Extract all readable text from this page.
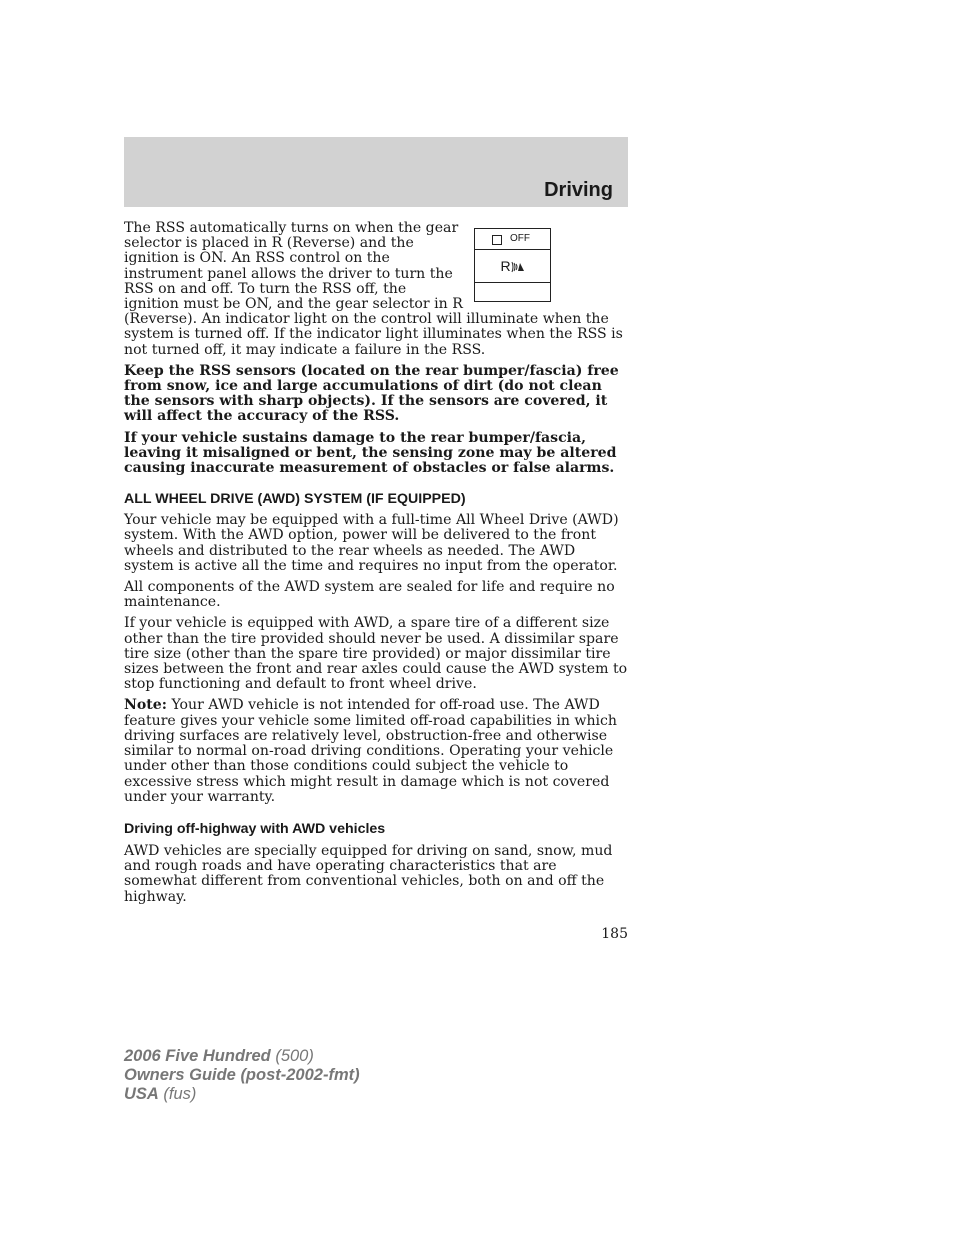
Driving
OFF
R

The RSS automatically turns on when the gear selector is placed in R (Reverse) and the ignition is ON. An RSS control on the instrument panel allows the driver to turn the RSS on and off. To turn the RSS off, the ignition must be ON, and the gear selector in R (Reverse). An indicator light on the control will illuminate when the system is turned off. If the indicator light illuminates when the RSS is not turned off, it may indicate a failure in the RSS.

Keep the RSS sensors (located on the rear bumper/fascia) free from snow, ice and large accumulations of dirt (do not clean the sensors with sharp objects). If the sensors are covered, it will affect the accuracy of the RSS.

If your vehicle sustains damage to the rear bumper/fascia, leaving it misaligned or bent, the sensing zone may be altered causing inaccurate measurement of obstacles or false alarms.

ALL WHEEL DRIVE (AWD) SYSTEM (IF EQUIPPED)

Your vehicle may be equipped with a full-time All Wheel Drive (AWD) system. With the AWD option, power will be delivered to the front wheels and distributed to the rear wheels as needed. The AWD system is active all the time and requires no input from the operator.

All components of the AWD system are sealed for life and require no maintenance.

If your vehicle is equipped with AWD, a spare tire of a different size other than the tire provided should never be used. A dissimilar spare tire size (other than the spare tire provided) or major dissimilar tire sizes between the front and rear axles could cause the AWD system to stop functioning and default to front wheel drive.

Note: Your AWD vehicle is not intended for off-road use. The AWD feature gives your vehicle some limited off-road capabilities in which driving surfaces are relatively level, obstruction-free and otherwise similar to normal on-road driving conditions. Operating your vehicle under other than those conditions could subject the vehicle to excessive stress which might result in damage which is not covered under your warranty.

Driving off-highway with AWD vehicles

AWD vehicles are specially equipped for driving on sand, snow, mud and rough roads and have operating characteristics that are somewhat different from conventional vehicles, both on and off the highway.

185
2006 Five Hundred (500)
Owners Guide (post-2002-fmt)
USA (fus)
